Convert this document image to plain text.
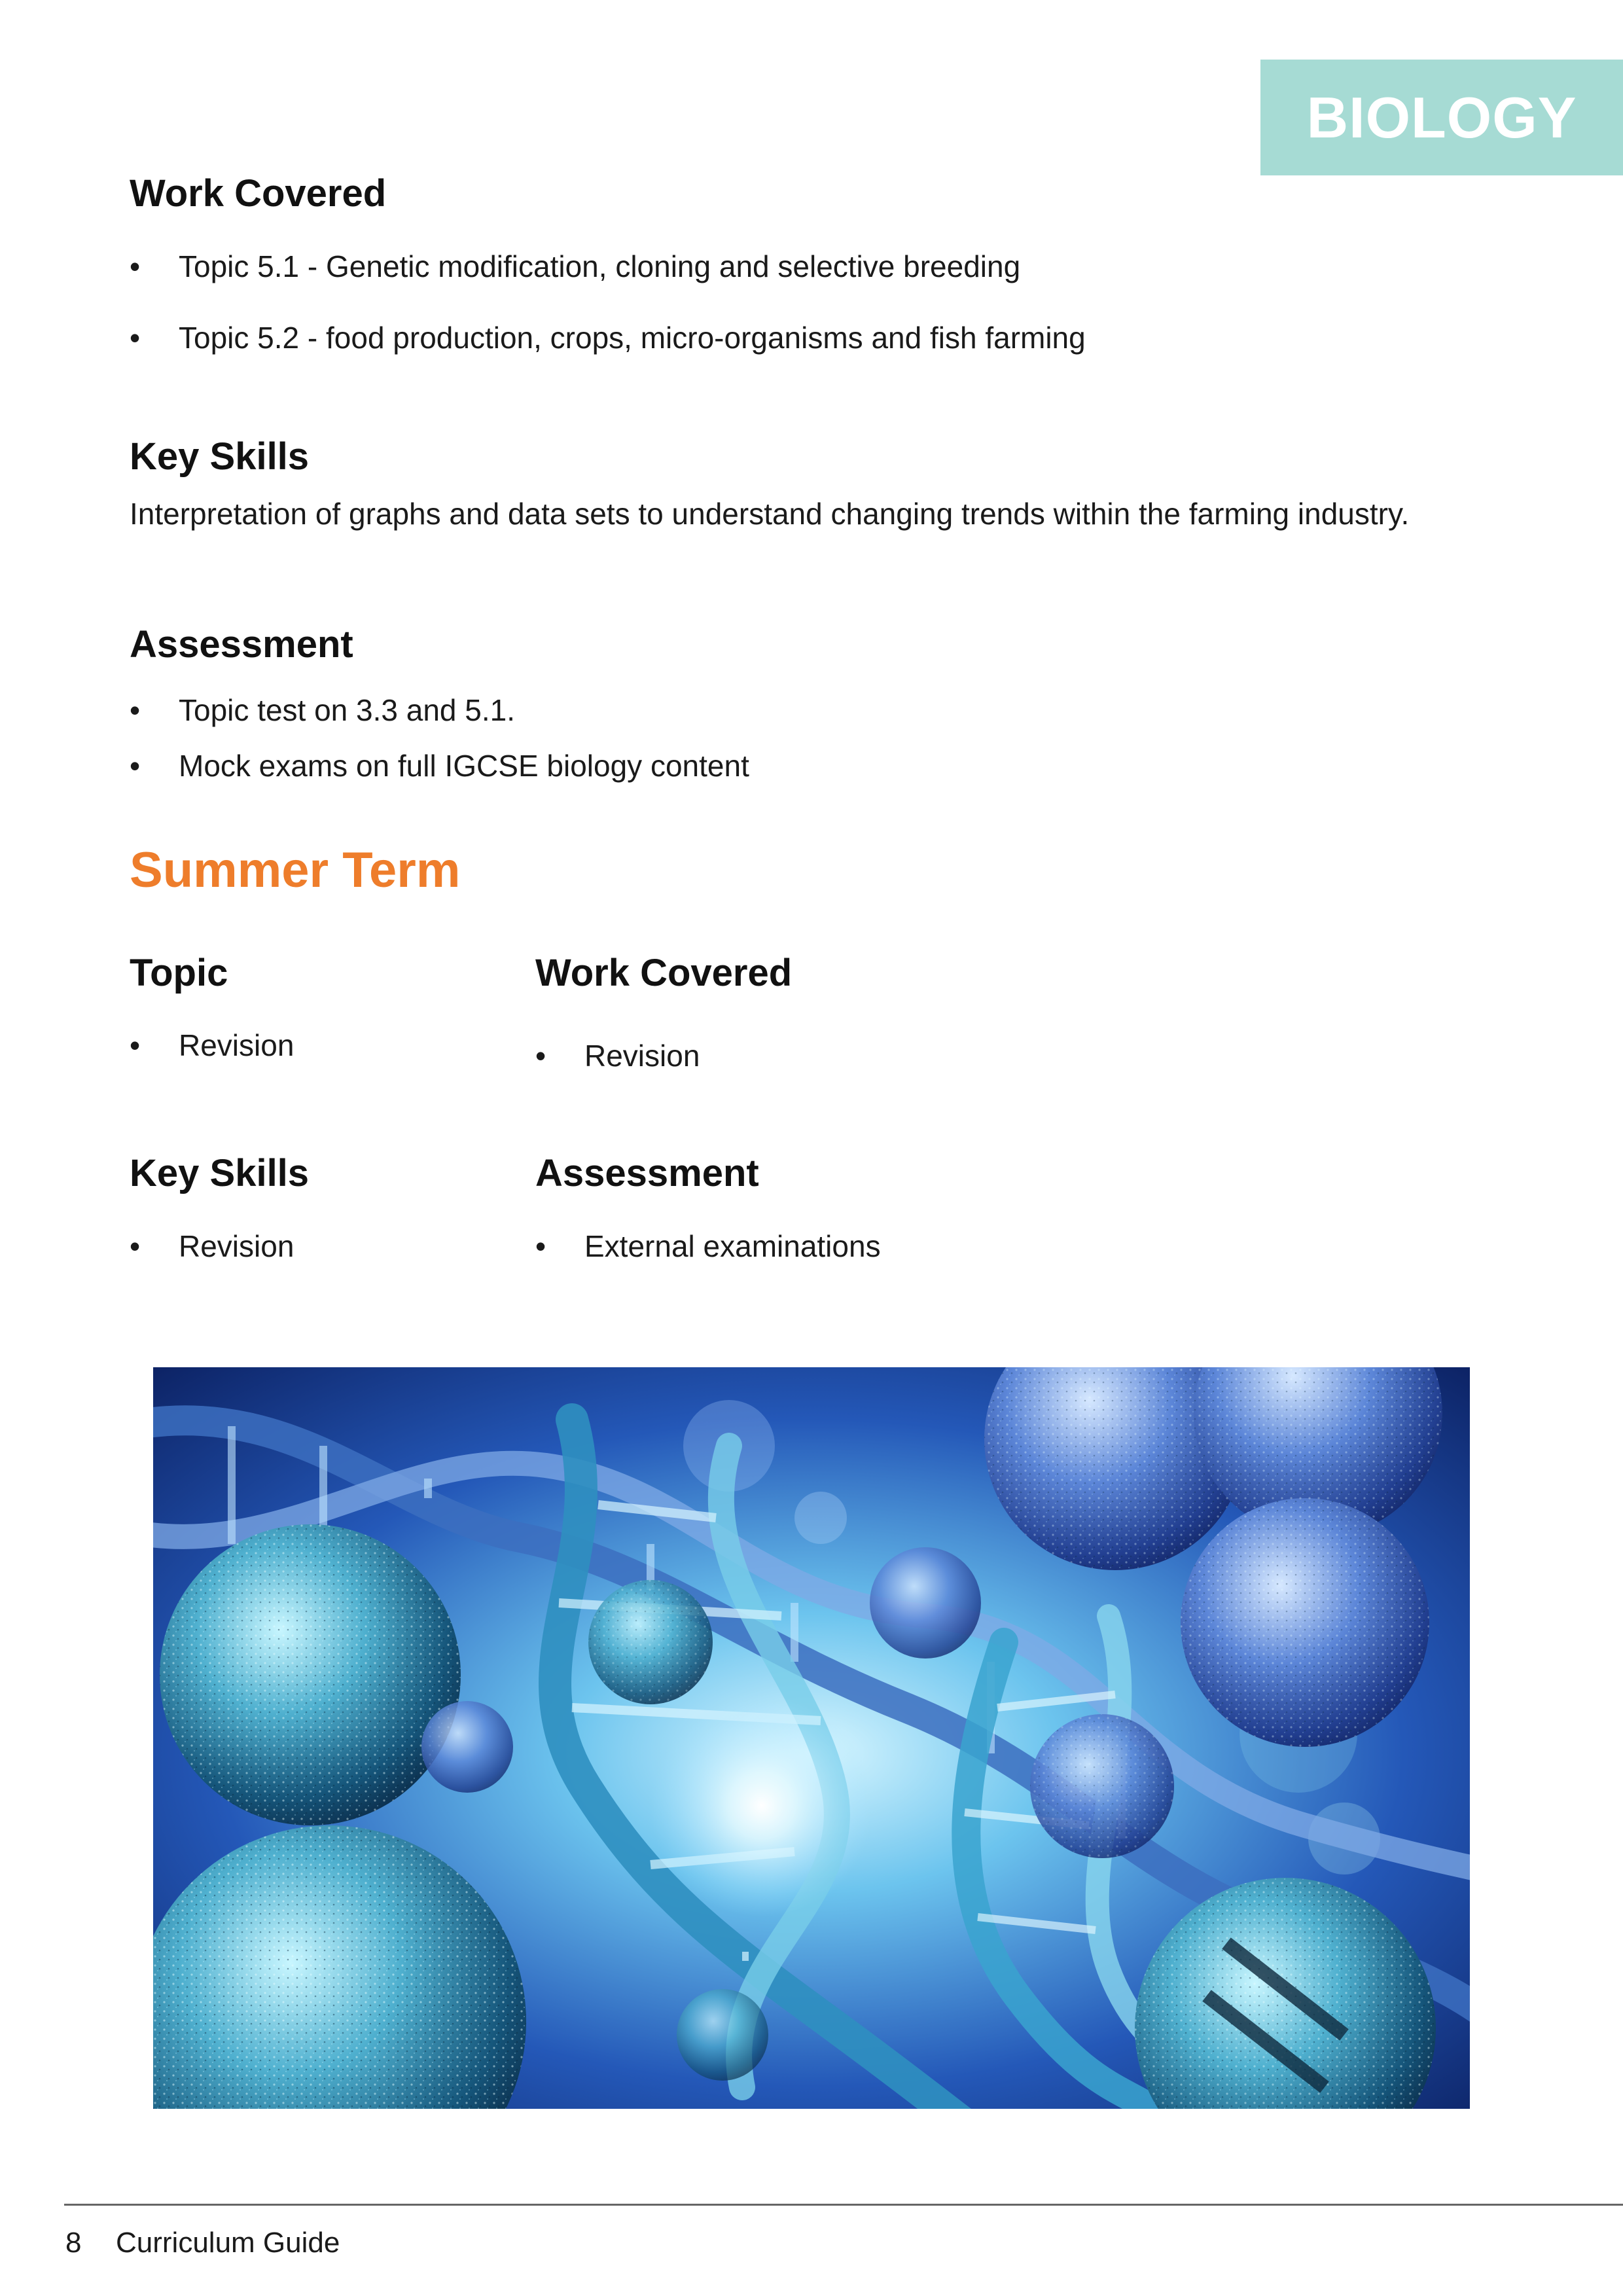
BIOLOGY
Work Covered
• Topic 5.1 - Genetic modification, cloning and selective breeding
• Topic 5.2 - food production, crops, micro-organisms and fish farming
Key Skills
Interpretation of graphs and data sets to understand changing trends within the farming industry.
Assessment
• Topic test on 3.3 and 5.1.
• Mock exams on full IGCSE biology content
Summer Term
Topic
• Revision
Work Covered
• Revision
Key Skills
• Revision
Assessment
• External examinations
8 Curriculum Guide
